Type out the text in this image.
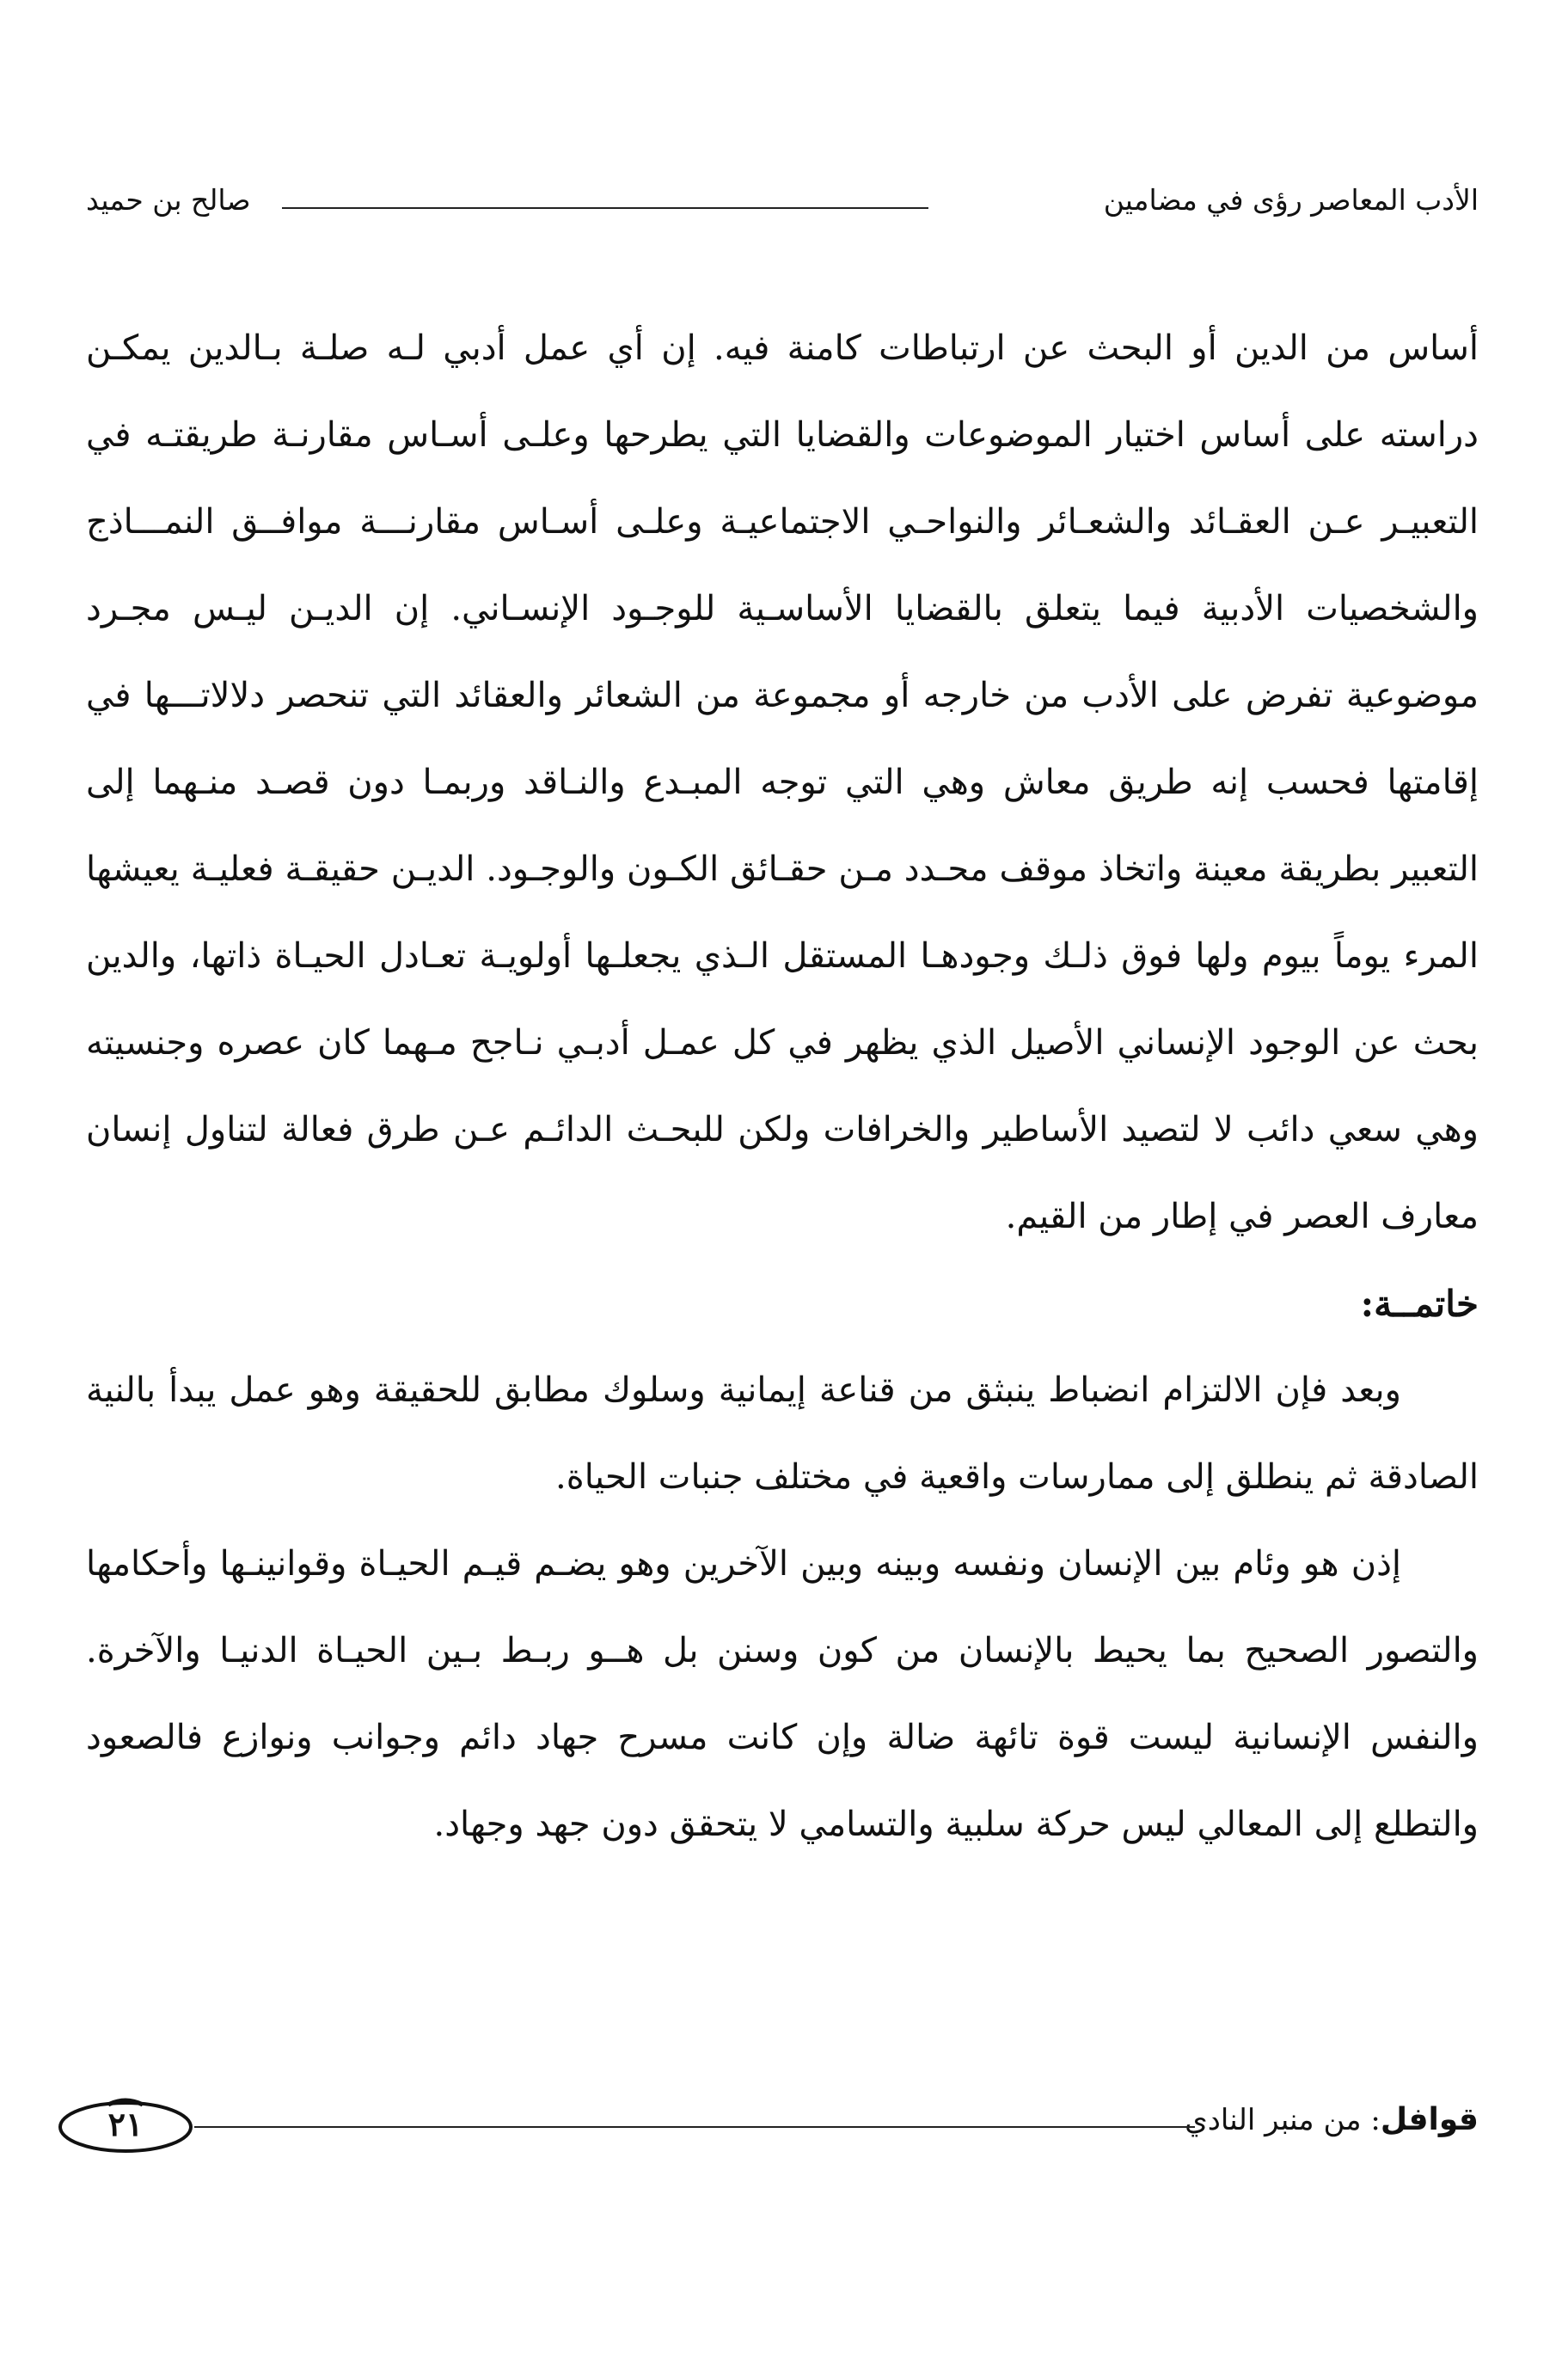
الأدب المعاصر رؤى في مضامين
صالح بن حميد

أساس من الدين أو البحث عن ارتباطات كامنة فيه. إن أي عمل أدبي لـه صلـة بـالدين يمكـن دراسته على أساس اختيار الموضوعات والقضايا التي يطرحها وعلـى أسـاس مقارنـة طريقتـه في التعبيـر عـن العقـائد والشعـائر والنواحـي الاجتماعيـة وعلـى أسـاس مقارنـــة موافــق النمـــاذج والشخصيات الأدبية فيما يتعلق بالقضايا الأساسـية للوجـود الإنسـاني. إن الديـن ليـس مجـرد موضوعية تفرض على الأدب من خارجه أو مجموعة من الشعائر والعقائد التي تنحصر دلالاتـــها في إقامتها فحسب إنه طريق معاش وهي التي توجه المبـدع والنـاقد وربمـا دون قصـد منـهما إلى التعبير بطريقة معينة واتخاذ موقف محـدد مـن حقـائق الكـون والوجـود. الديـن حقيقـة فعليـة يعيشها المرء يوماً بيوم ولها فوق ذلـك وجودهـا المستقل الـذي يجعلـها أولويـة تعـادل الحيـاة ذاتها، والدين بحث عن الوجود الإنساني الأصيل الذي يظهر في كل عمـل أدبـي نـاجح مـهما كان عصره وجنسيته وهي سعي دائب لا لتصيد الأساطير والخرافات ولكن للبحـث الدائـم عـن طرق فعالة لتناول إنسان معارف العصر في إطار من القيم.

خاتمــة:

وبعد فإن الالتزام انضباط ينبثق من قناعة إيمانية وسلوك مطابق للحقيقة وهو عمل يبدأ بالنية الصادقة ثم ينطلق إلى ممارسات واقعية في مختلف جنبات الحياة.

إذن هو وئام بين الإنسان ونفسه وبينه وبين الآخرين وهو يضـم قيـم الحيـاة وقوانينـها وأحكامها والتصور الصحيح بما يحيط بالإنسان من كون وسنن بل هــو ربـط بـين الحيـاة الدنيـا والآخرة. والنفس الإنسانية ليست قوة تائهة ضالة وإن كانت مسرح جهاد دائم وجوانب ونوازع فالصعود والتطلع إلى المعالي ليس حركة سلبية والتسامي لا يتحقق دون جهد وجهاد.

قوافل: من منبر النادي
٢١
